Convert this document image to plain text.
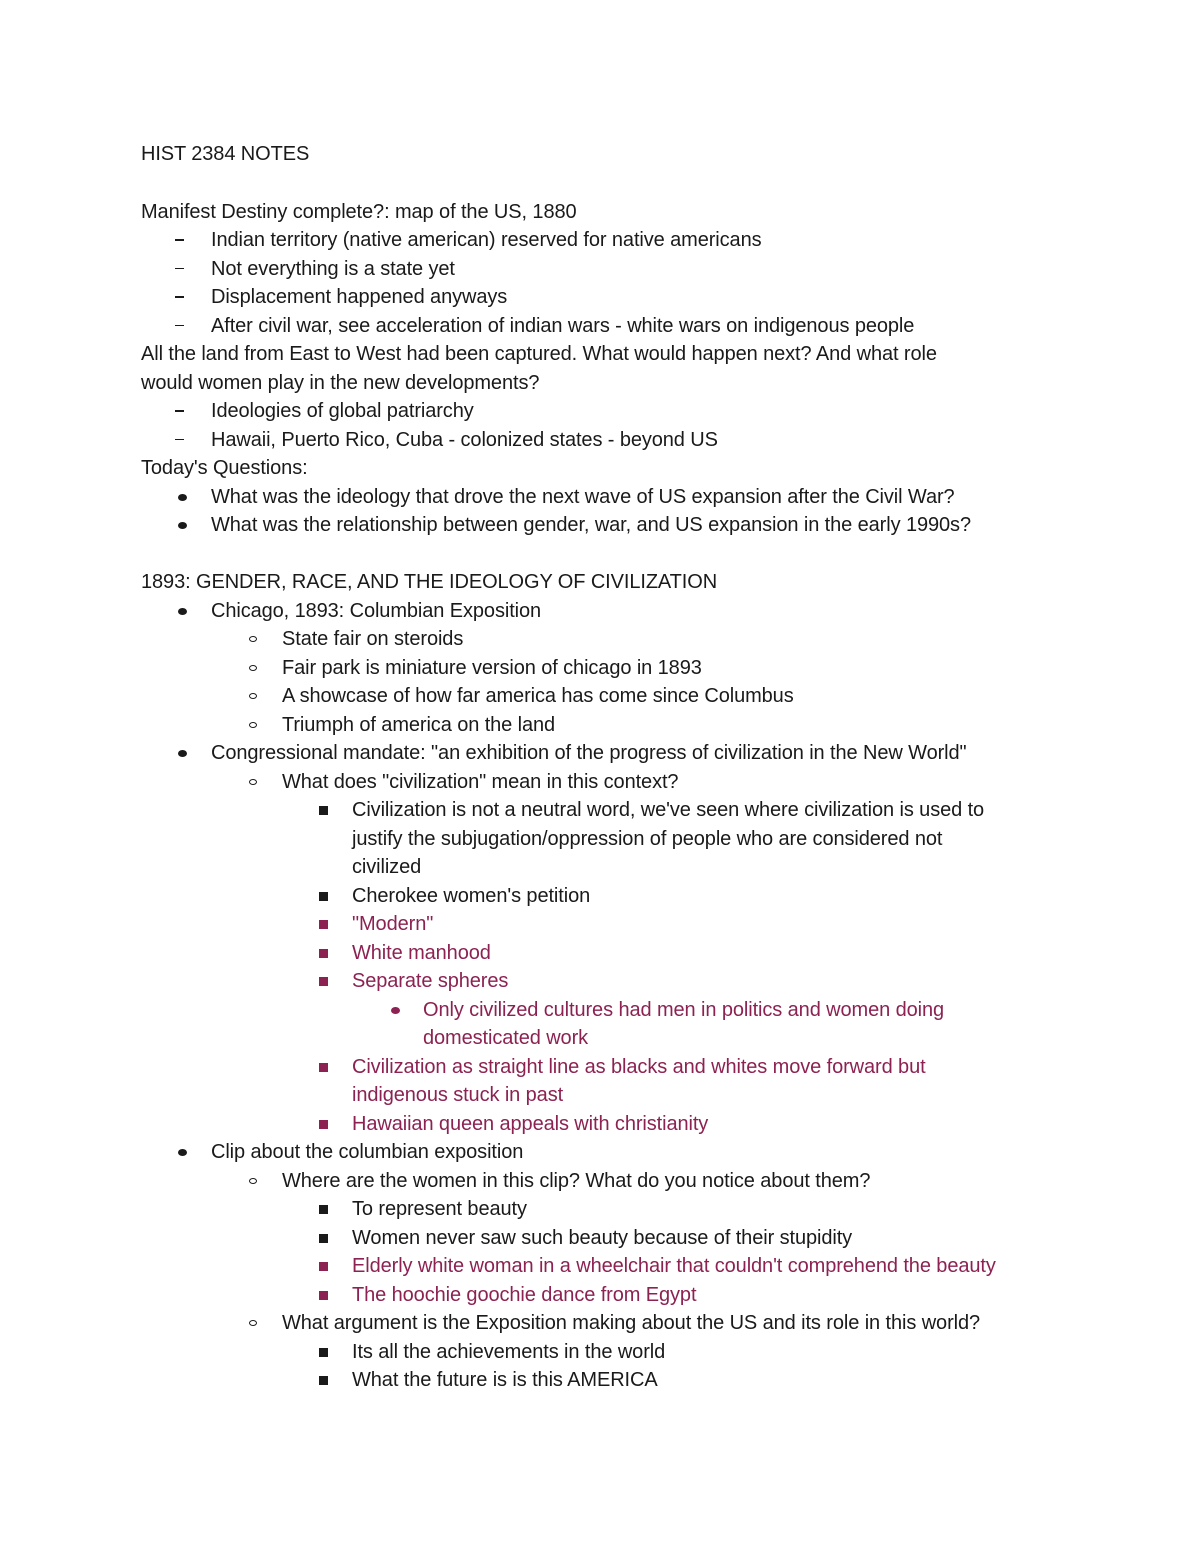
HIST 2384 NOTES
Manifest Destiny complete?: map of the US, 1880
Indian territory (native american) reserved for native americans
Not everything is a state yet
Displacement happened anyways
After civil war, see acceleration of indian wars - white wars on indigenous people
All the land from East to West had been captured. What would happen next? And what role
would women play in the new developments?
Ideologies of global patriarchy
Hawaii, Puerto Rico, Cuba - colonized states - beyond US
Today's Questions:
What was the ideology that drove the next wave of US expansion after the Civil War?
What was the relationship between gender, war, and US expansion in the early 1990s?
1893: GENDER, RACE, AND THE IDEOLOGY OF CIVILIZATION
Chicago, 1893: Columbian Exposition
State fair on steroids
Fair park is miniature version of chicago in 1893
A showcase of how far america has come since Columbus
Triumph of america on the land
Congressional mandate: "an exhibition of the progress of civilization in the New World"
What does "civilization" mean in this context?
Civilization is not a neutral word, we've seen where civilization is used to
justify the subjugation/oppression of people who are considered not
civilized
Cherokee women's petition
"Modern"
White manhood
Separate spheres
Only civilized cultures had men in politics and women doing
domesticated work
Civilization as straight line as blacks and whites move forward but
indigenous stuck in past
Hawaiian queen appeals with christianity
Clip about the columbian exposition
Where are the women in this clip? What do you notice about them?
To represent beauty
Women never saw such beauty because of their stupidity
Elderly white woman in a wheelchair that couldn't comprehend the beauty
The hoochie goochie dance from Egypt
What argument is the Exposition making about the US and its role in this world?
Its all the achievements in the world
What the future is is this AMERICA
